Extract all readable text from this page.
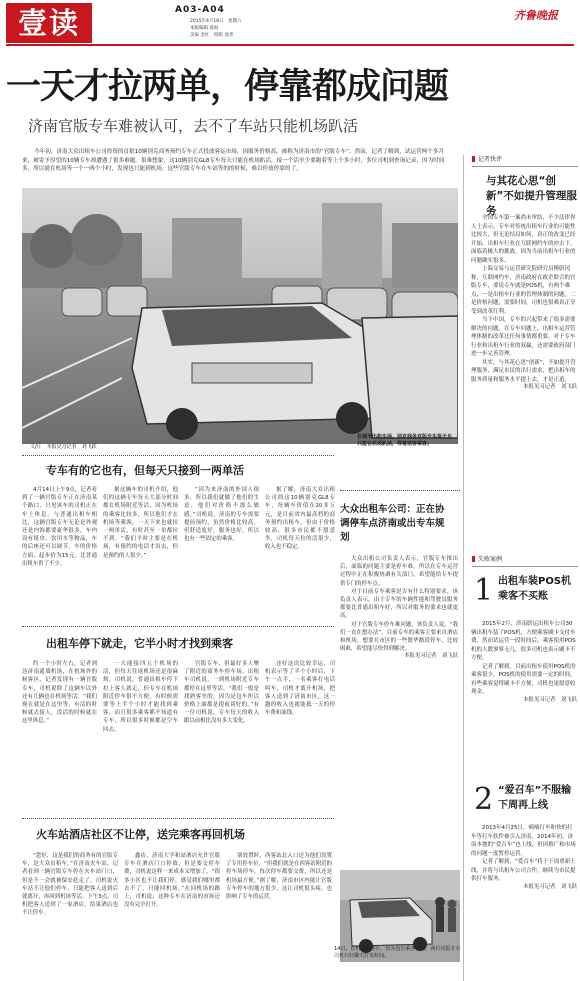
壹读	A03-A04
2015年4月18日　星期六
本版编辑 葛海
美编 金红　组版 池菁
齐鲁晚报
一天才拉两单，停靠都成问题
济南官版专车难被认可，去不了车站只能机场趴活
今年初，济南大众出租车公司投资的首批10辆别克商务预约专车正式投放客运市场，因服务价格高，被称为济南市的“官版专车”。然而，记者了解到，试运营两个多月来，被寄予厚望的10辆专车却遭遇了很多难题。很难想象，这10辆别克GL8专车每天只能在机场趴活，接一个活至少要跑着等上个多小时，多位司机到查询记录，因为时间多，所以就在机场等一个一两个小时，发现也只能到机场，这些官版专车在车站等的的时候，难以停放停靠的了。
文/片　本报见习记者　刘飞跃
在城市出租车场，别克商务官版专车每天也只能在机场趴活，等着送客乘客。
记者快评
与其花心思“创新”不如提升管理服务

全国专车第一案尚未审结，不少法律界人士表示，专车对传统出租车行业的可能性比较大，但无论结局如何，真正的改变已经开始，出租车行业在互联网约车的冲击下，面临着极大的挑战，因为当前出租车行业的问题确实很多。

上海交易与运营研究院研究员傅蔚冈称，互联网约车，济南政府在政企联合的官版专车，要说专车就是POS机，有两个难点，一是出租车行业的管理体制的问题，二是价格问题，需要时间，司机也很难真正享受到改革红利。

当下中国，专车的兴起带来了很多需要解决的问题，在专车问题上，出租车运营管理体制的改革比任何事情都重要，对于专车行业和出租车行业的双赢，还需要政府部门进一步完善管理。

其实，与其花心思“创新”，不如提升管理服务，满足市民的出行需求，把出租车的服务质量和服务水平提上去，才是正道。

本报见习记者　刘飞跃

大众出租车公司：正在协调停车点济南或出专车规划

大众出租公司负责人表示，官版专车推出后，面临的问题主要是停车难，所以在专车运营过程中正在积极协调有关部门，希望能给专车提供专门的停车点。

对于目前专车乘客是否有什么特别要求，该负责人表示，由于专车的车辆性能和驾驶员服务都要比普通出租车好，所以对服务的要求也就更高。

对于官版专车停车难问题，该负责人说，“我们一直在想办法”，目前专车的乘客主要来自酒店和机场，想要在市区的一些繁华路段停车，比较困难，希望能尽快得到解决。

本报见习记者　刘飞跃

失败案例
1 出租车装POS机乘客不买账

2015年2月，济南联运出租车公司30辆出租车装了POS机，方便乘客刷卡支付车费，然而试运营一段时间后，乘客使用POS机的人数寥寥无几，很多司机也表示刷卡不方便。

记者了解到，目前出租车使用POS机的乘客很少，POS机的使用需要一定的时间，有些乘客觉得刷卡不方便，司机也更愿意收现金。

本报见习记者　刘飞跃

2 “爱召车”不服输下周再上线

2013年4月25日，嘀嘀打车和快的打车等打车软件被引入济南，2014年初，济南本地的“爱召车”也上线，但因推广和市场的问题一度暂停运营。

记者了解到，“爱召车”将于下周重新上线，并将与出租车公司合作，继续为市民提供打车服务。

本报见习记者　刘飞跃

专车有的它也有，但每天只接到一两单活
4月14日上午9点，记者看到了一辆官版专车正在济南某个路口，只见该车的司机正在车上休息。与普通出租车相比，这辆官版专车无论是外观还是内饰都要豪华很多，车内设有纸巾、饮用水等物品，车的后座还可以调节。车的价格方面，起步价为15元，比普通出租车贵了不少。
据这辆车的司机介绍，他们的这辆专车每天大部分时间都在机场附近等活，因为机场的乘客比较多，所以他们才在机场等乘客，一天下来也就拉一两单活，有时甚至一单都拉不到。“我们平时主要是在机场，有预约的电话才出去，但是预约的人很少。”
“因为来济南的外国人很多，所以我们就做了他们的生意，他们对价格不那么敏感。”司机说，济南的专车需要提前预约，虽然价格比较高，但舒适度好，服务也好，所以也有一些固定的乘客。
据了解，济南大众出租公司的这10辆别克GL8专车，每辆车价值在20多万元，是目前省内最高档的商务预约出租车，但由于价格较高，很多市民都不愿意坐，司机每天拉的活很少，收入也不稳定。
出租车停下就走，它半小时才找到乘客
约一个小时左右，记者到达济南遥墙机场，在机场外的候客区，记者发现有一辆官版专车，司机说除了这辆车以外还有几辆也在机场等活。“我们现在就是在这里等，有活的时候就去接人，没活的时候就在这里休息。”
一天能接四五个机场的活，但每天往返机场还是很麻烦。司机说，普通出租车停下拉上客人就走，但专车在机场附近停车很不方便，有时候需要等上半个小时才能找到乘客，而且很多乘客都不知道有专车，所以很多时候都是空车回去。
官版专车，但最好多人聚了附近的商务车停车场，出租车司机说，一到机场附近专车都停在这里等活。“我们一般是找熟客坐的，因为是包车所以价格上面都是提前谈好的。”有一位司机说，专车每天的收入跟以前相比没有多大变化。
还好这次比较幸运，司机表示等了半个小时后，下午一点半，一名乘客打电话叫车，司机才离开机场，把客人送到了济南市区，这一趟的收入也就能抵一天的停车费和油钱。
火车站酒店社区不让停，送完乘客再回机场
“您好，这是我们的商务有的官版专车，是大众出租车。”在济南火车站，记者看到一辆官版专车停在火车站门口，但是不一会就被保安赶走了，司机说火车站不让他们停车，只能把客人送到后就离开，再回到机场等活。下午3点，司机把客人送到了一家酒店，结果酒店也不让停车。
鑫店，济南大学和站酒店允许官版专车在酒店门口停放，但是要交停车费，司机说这样一来成本又增加了。“很多小区也不让我们停，感觉我们哪里都去不了，只能回机场。”在回机场的路上，司机说，这种专车在济南的市场还没有完全打开。
别放置时，西客站北入口还为他们设置了专用停车位。“但我们就是在西客站附近的停车场停车，每次停车都要交费，所以还是机场最方便。”据了解，济南市区内能让官版专车停车的地方很少，这让司机很头疼，也影响了专车的运营。
14日，在机场载客区，因为没有乘客预约，两位官版专车司机只好聊天打发时间。
